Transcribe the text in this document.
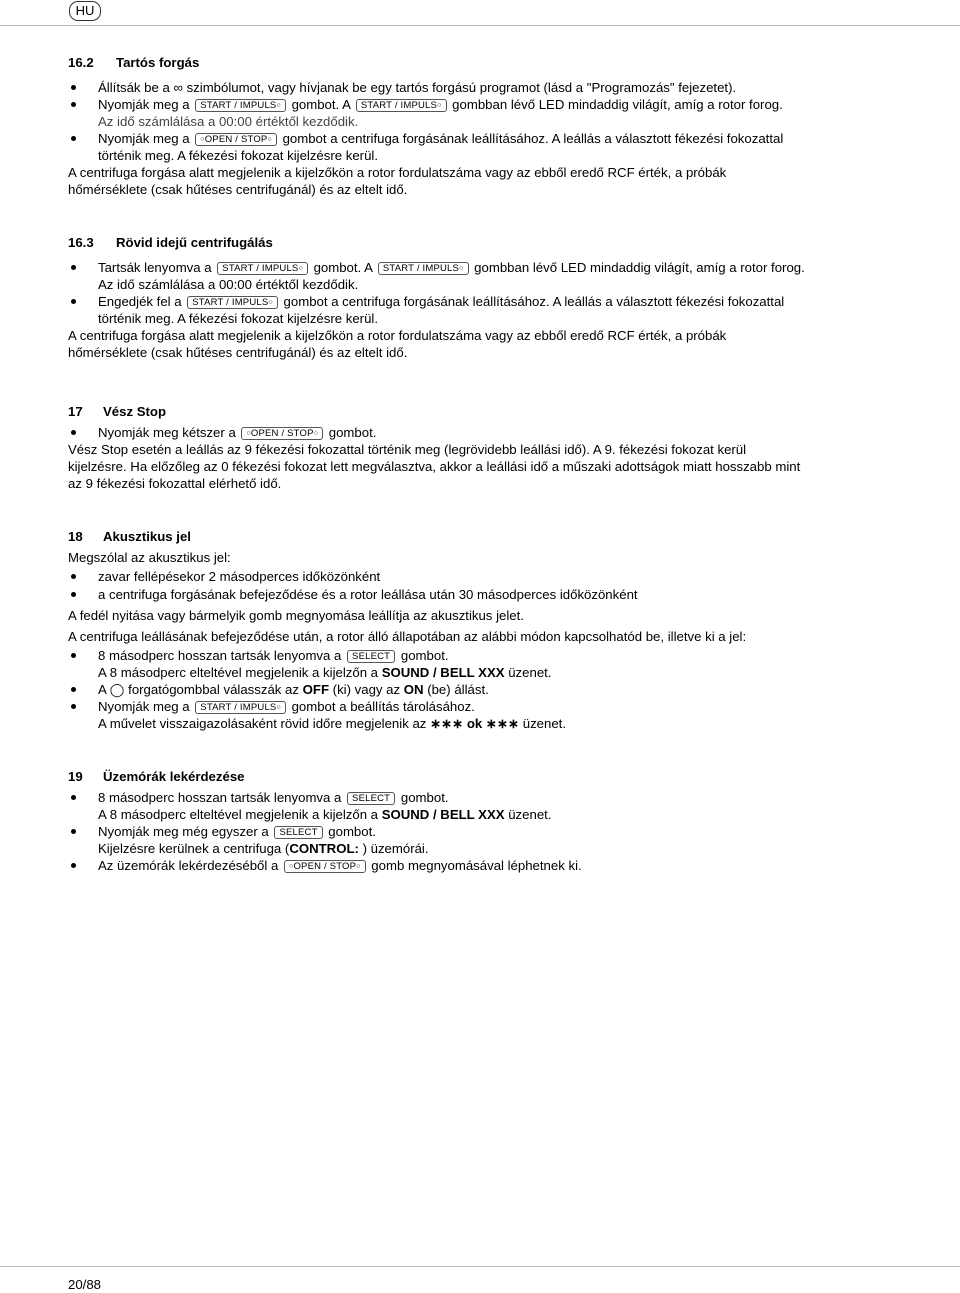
HU
16.2 Tartós forgás
Állítsák be a ∞ szimbólumot, vagy hívjanak be egy tartós forgású programot (lásd a "Programozás" fejezetet).
Nyomják meg a START / IMPULS○ gombot. A START / IMPULS○ gombban lévő LED mindaddig világít, amíg a rotor forog.
Az idő számlálása a 00:00 értéktől kezdődik.
Nyomják meg a ○OPEN / STOP○ gombot a centrifuga forgásának leállításához. A leállás a választott fékezési fokozattal történik meg. A fékezési fokozat kijelzésre kerül.

A centrifuga forgása alatt megjelenik a kijelzőkön a rotor fordulatszáma vagy az ebből eredő RCF érték, a próbák hőmérséklete (csak hűtéses centrifugánál) és az eltelt idő.

16.3 Rövid idejű centrifugálás
Tartsák lenyomva a START / IMPULS○ gombot. A START / IMPULS○ gombban lévő LED mindaddig világít, amíg a rotor forog. Az idő számlálása a 00:00 értéktől kezdődik.
Engedjék fel a START / IMPULS○ gombot a centrifuga forgásának leállításához. A leállás a választott fékezési fokozattal történik meg. A fékezési fokozat kijelzésre kerül.

A centrifuga forgása alatt megjelenik a kijelzőkön a rotor fordulatszáma vagy az ebből eredő RCF érték, a próbák hőmérséklete (csak hűtéses centrifugánál) és az eltelt idő.

17 Vész Stop
Nyomják meg kétszer a ○OPEN / STOP○ gombot.

Vész Stop esetén a leállás az 9 fékezési fokozattal történik meg (legrövidebb leállási idő). A 9. fékezési fokozat kerül kijelzésre. Ha előzőleg az 0 fékezési fokozat lett megválasztva, akkor a leállási idő a műszaki adottságok miatt hosszabb mint az 9 fékezési fokozattal elérhető idő.

18 Akusztikus jel

Megszólal az akusztikus jel:

zavar fellépésekor 2 másodperces időközönként
a centrifuga forgásának befejeződése és a rotor leállása után 30 másodperces időközönként

A fedél nyitása vagy bármelyik gomb megnyomása leállítja az akusztikus jelet.

A centrifuga leállásának befejeződése után, a rotor álló állapotában az alábbi módon kapcsolhatód be, illetve ki a jel:

8 másodperc hosszan tartsák lenyomva a SELECT gombot.
A 8 másodperc elteltével megjelenik a kijelzőn a SOUND / BELL XXX üzenet.
A ◯ forgatógombbal válasszák az OFF (ki) vagy az ON (be) állást.
Nyomják meg a START / IMPULS○ gombot a beállítás tárolásához.
A művelet visszaigazolásaként rövid időre megjelenik az ∗∗∗ ok ∗∗∗ üzenet.
19 Üzemórák lekérdezése
8 másodperc hosszan tartsák lenyomva a SELECT gombot.
A 8 másodperc elteltével megjelenik a kijelzőn a SOUND / BELL XXX üzenet.
Nyomják meg még egyszer a SELECT gombot.
Kijelzésre kerülnek a centrifuga (CONTROL: ) üzemórái.
Az üzemórák lekérdezéséből a ○OPEN / STOP○ gomb megnyomásával léphetnek ki.
20/88
